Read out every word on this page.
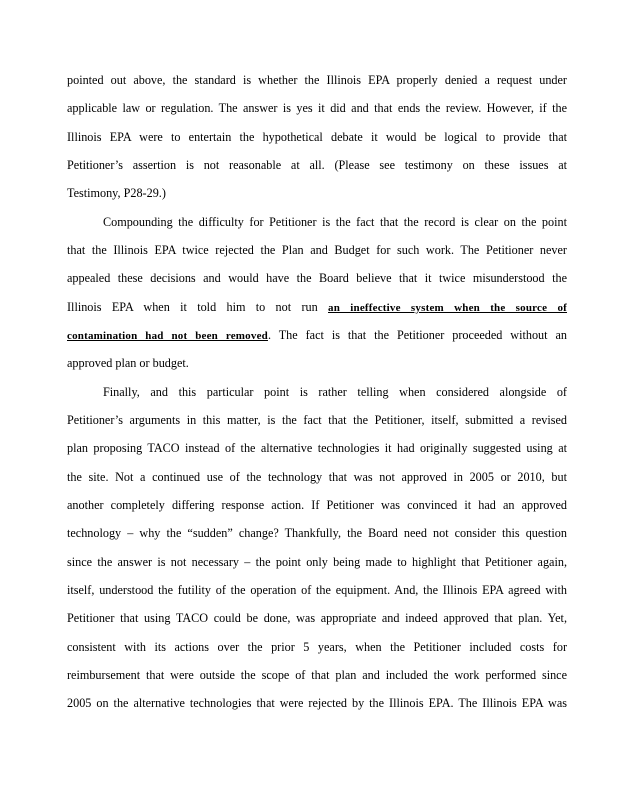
pointed out above, the standard is whether the Illinois EPA properly denied a request under
applicable law or regulation. The answer is yes it did and that ends the review. However, if the
Illinois EPA were to entertain the hypothetical debate it would be logical to provide that
Petitioner’s assertion is not reasonable at all. (Please see testimony on these issues at
Testimony, P28-29.)
Compounding the difficulty for Petitioner is the fact that the record is clear on the point
that the Illinois EPA twice rejected the Plan and Budget for such work. The Petitioner never
appealed these decisions and would have the Board believe that it twice misunderstood the
Illinois EPA when it told him to not run an ineffective system when the source of
contamination had not been removed. The fact is that the Petitioner proceeded without an
approved plan or budget.
Finally, and this particular point is rather telling when considered alongside of
Petitioner’s arguments in this matter, is the fact that the Petitioner, itself, submitted a revised
plan proposing TACO instead of the alternative technologies it had originally suggested using at
the site. Not a continued use of the technology that was not approved in 2005 or 2010, but
another completely differing response action. If Petitioner was convinced it had an approved
technology – why the “sudden” change? Thankfully, the Board need not consider this question
since the answer is not necessary – the point only being made to highlight that Petitioner again,
itself, understood the futility of the operation of the equipment. And, the Illinois EPA agreed with
Petitioner that using TACO could be done, was appropriate and indeed approved that plan. Yet,
consistent with its actions over the prior 5 years, when the Petitioner included costs for
reimbursement that were outside the scope of that plan and included the work performed since
2005 on the alternative technologies that were rejected by the Illinois EPA. The Illinois EPA was
